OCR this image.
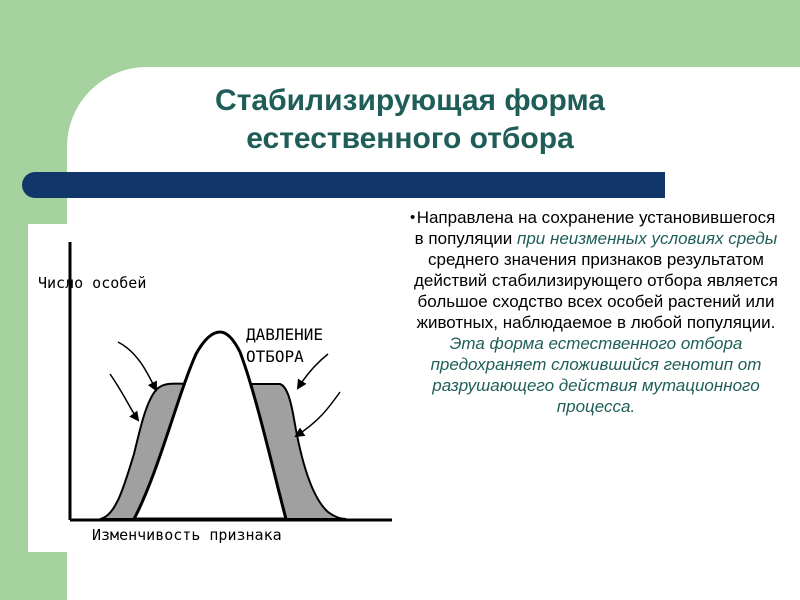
Стабилизирующая форма
естественного отбора
Число особей
ДАВЛЕНИЕ
ОТБОРА
Изменчивость признака
• Направлена на сохранение установившегося в популяции при неизменных условиях среды среднего значения признаков результатом действий стабилизирующего отбора является большое сходство всех особей растений или животных, наблюдаемое в любой популяции. Эта форма естественного отбора предохраняет сложившийся генотип от разрушающего действия мутационного процесса.
